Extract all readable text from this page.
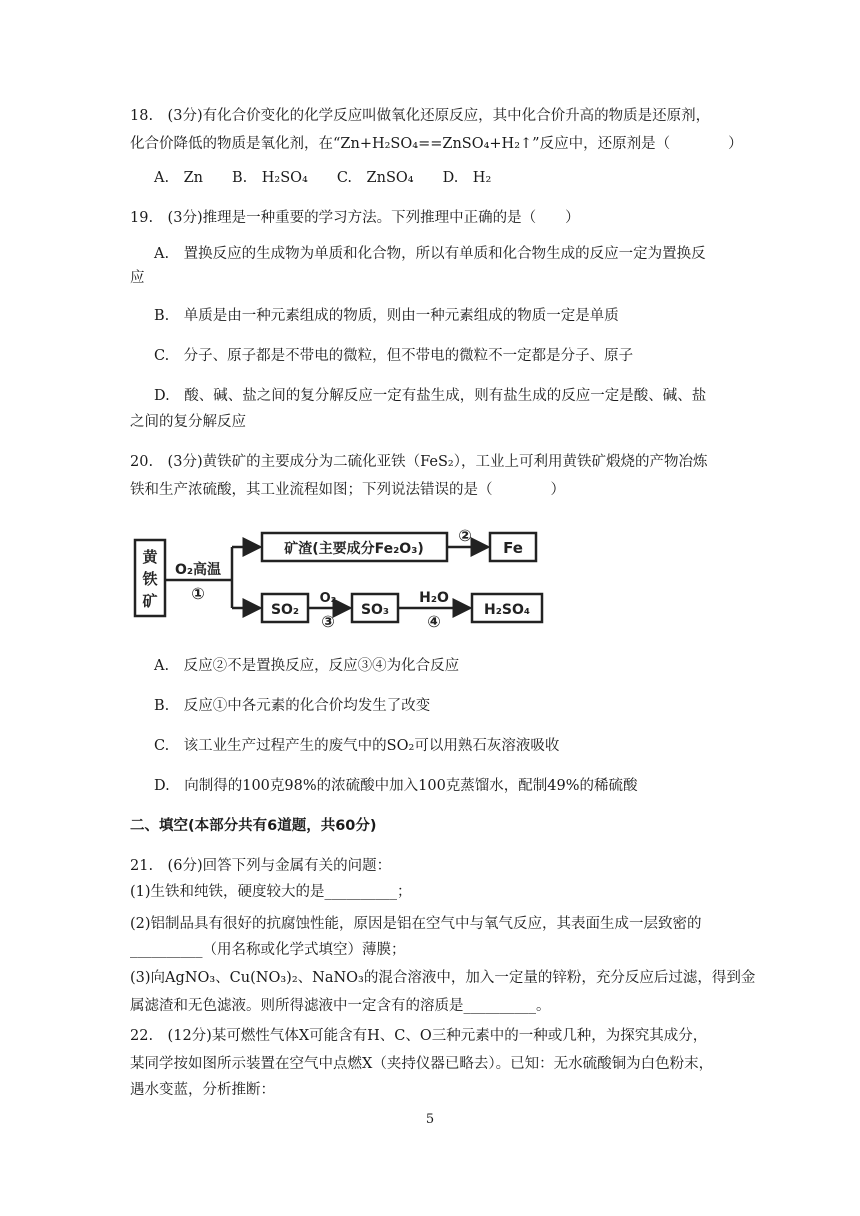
18.　(3分)有化合价变化的化学反应叫做氧化还原反应，其中化合价升高的物质是还原剂，
化合价降低的物质是氧化剂，在“Zn+H₂SO₄==ZnSO₄+H₂↑”反应中，还原剂是（　　　　）
A.　Zn　　B.　H₂SO₄　　C.　ZnSO₄　　D.　H₂
19.　(3分)推理是一种重要的学习方法。下列推理中正确的是（　　）
A.　置换反应的生成物为单质和化合物，所以有单质和化合物生成的反应一定为置换反
应
B.　单质是由一种元素组成的物质，则由一种元素组成的物质一定是单质
C.　分子、原子都是不带电的微粒，但不带电的微粒不一定都是分子、原子
D.　酸、碱、盐之间的复分解反应一定有盐生成，则有盐生成的反应一定是酸、碱、盐
之间的复分解反应
20.　(3分)黄铁矿的主要成分为二硫化亚铁（FeS₂），工业上可利用黄铁矿煅烧的产物冶炼
铁和生产浓硫酸，其工业流程如图；下列说法错误的是（　　　　）
黄
铁
矿
O₂高温
①
矿渣(主要成分Fe₂O₃)
②
Fe
SO₂
O₂
③
SO₃
H₂O
④
H₂SO₄
A.　反应②不是置换反应，反应③④为化合反应
B.　反应①中各元素的化合价均发生了改变
C.　该工业生产过程产生的废气中的SO₂可以用熟石灰溶液吸收
D.　向制得的100克98%的浓硫酸中加入100克蒸馏水，配制49%的稀硫酸
二、填空(本部分共有6道题，共60分)
21.　(6分)回答下列与金属有关的问题：
(1)生铁和纯铁，硬度较大的是__________；
(2)铝制品具有很好的抗腐蚀性能，原因是铝在空气中与氧气反应，其表面生成一层致密的
__________（用名称或化学式填空）薄膜；
(3)向AgNO₃、Cu(NO₃)₂、NaNO₃的混合溶液中，加入一定量的锌粉，充分反应后过滤，得到金
属滤渣和无色滤液。则所得滤液中一定含有的溶质是__________。
22.　(12分)某可燃性气体X可能含有H、C、O三种元素中的一种或几种，为探究其成分，
某同学按如图所示装置在空气中点燃X（夹持仪器已略去）。已知：无水硫酸铜为白色粉末，
遇水变蓝，分析推断：
5
